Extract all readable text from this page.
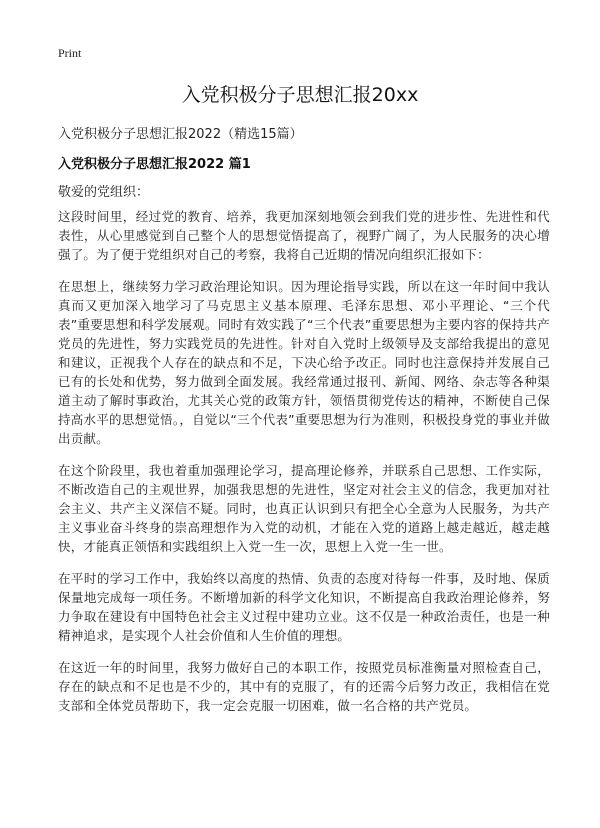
Print
入党积极分子思想汇报20xx
入党积极分子思想汇报2022（精选15篇）
入党积极分子思想汇报2022 篇1
敬爱的党组织：

这段时间里，经过党的教育、培养，我更加深刻地领会到我们党的进步性、先进性和代表性，从心里感觉到自己整个人的思想觉悟提高了，视野广阔了，为人民服务的决心增强了。为了便于党组织对自己的考察，我将自己近期的情况向组织汇报如下：

在思想上，继续努力学习政治理论知识。因为理论指导实践，所以在这一年时间中我认真而又更加深入地学习了马克思主义基本原理、毛泽东思想、邓小平理论、“三个代表”重要思想和科学发展观。同时有效实践了“三个代表”重要思想为主要内容的保持共产党员的先进性，努力实践党员的先进性。针对自入党时上级领导及支部给我提出的意见和建议，正视我个人存在的缺点和不足，下决心给予改正。同时也注意保持并发展自己已有的长处和优势，努力做到全面发展。我经常通过报刊、新闻、网络、杂志等各种渠道主动了解时事政治，尤其关心党的政策方针，领悟贯彻党传达的精神，不断使自己保持高水平的思想觉悟。，自觉以“三个代表”重要思想为行为准则，积极投身党的事业并做出贡献。

在这个阶段里，我也着重加强理论学习，提高理论修养，并联系自己思想、工作实际，不断改造自己的主观世界，加强我思想的先进性，坚定对社会主义的信念，我更加对社会主义、共产主义深信不疑。同时，也真正认识到只有把全心全意为人民服务，为共产主义事业奋斗终身的崇高理想作为入党的动机，才能在入党的道路上越走越近，越走越快，才能真正领悟和实践组织上入党一生一次，思想上入党一生一世。

在平时的学习工作中，我始终以高度的热情、负责的态度对待每一件事，及时地、保质保量地完成每一项任务。不断增加新的科学文化知识，不断提高自我政治理论修养，努力争取在建设有中国特色社会主义过程中建功立业。这不仅是一种政治责任，也是一种精神追求，是实现个人社会价值和人生价值的理想。

在这近一年的时间里，我努力做好自己的本职工作，按照党员标准衡量对照检查自己，存在的缺点和不足也是不少的，其中有的克服了，有的还需今后努力改正，我相信在党支部和全体党员帮助下，我一定会克服一切困难，做一名合格的共产党员。
